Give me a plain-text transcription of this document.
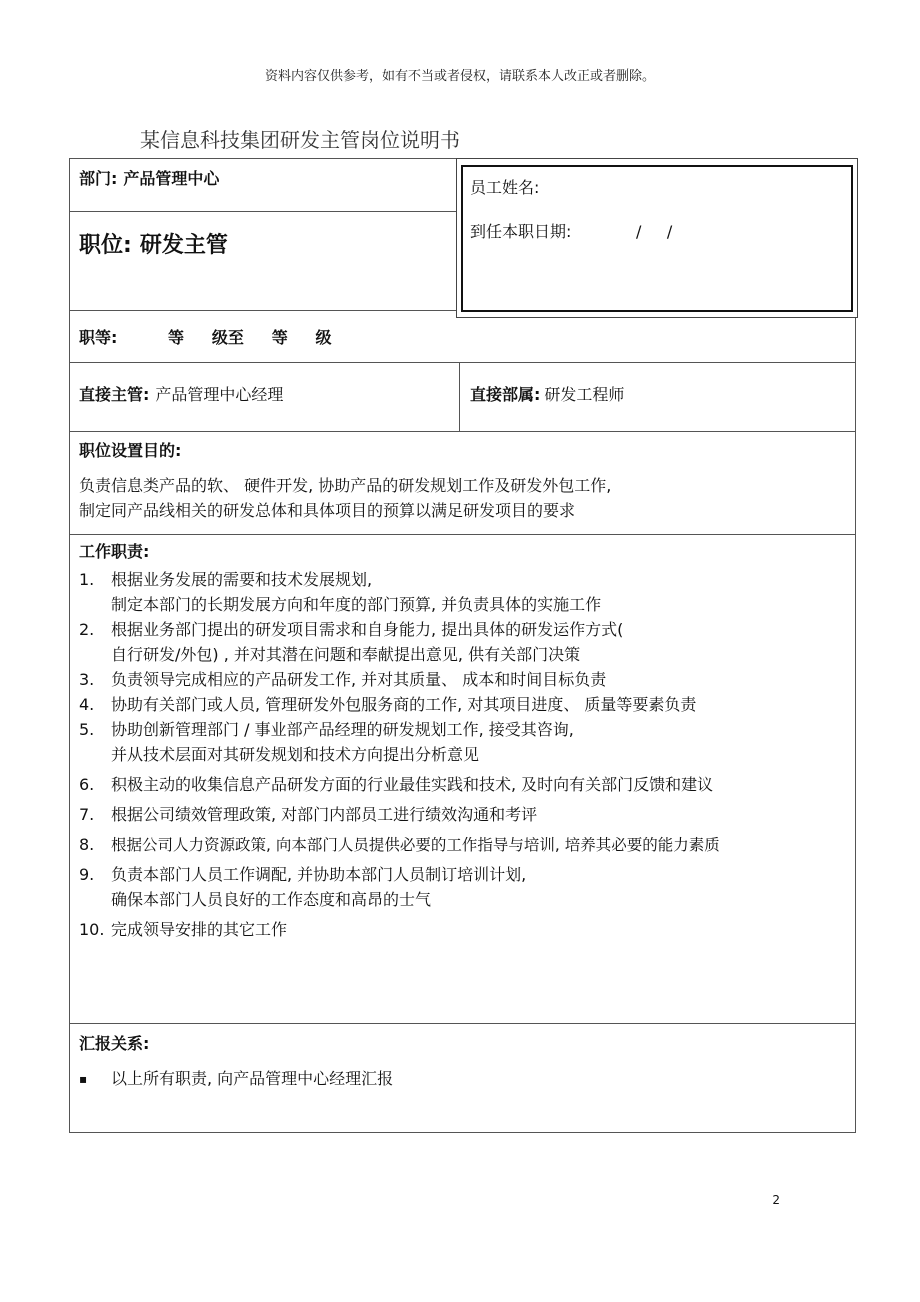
资料内容仅供参考，如有不当或者侵权，请联系本人改正或者删除。
某信息科技集团研发主管岗位说明书
员工姓名:
到任本职日期:	/     /
部门: 产品管理中心
职位: 研发主管
职等:	等     级至     等     级
直接主管: 产品管理中心经理	直接部属: 研发工程师
职位设置目的:
负责信息类产品的软、 硬件开发, 协助产品的研发规划工作及研发外包工作,
制定同产品线相关的研发总体和具体项目的预算以满足研发项目的要求
工作职责:
1. 根据业务发展的需要和技术发展规划,
制定本部门的长期发展方向和年度的部门预算, 并负责具体的实施工作
2. 根据业务部门提出的研发项目需求和自身能力, 提出具体的研发运作方式(
自行研发/外包) , 并对其潜在问题和奉献提出意见, 供有关部门决策
3. 负责领导完成相应的产品研发工作, 并对其质量、 成本和时间目标负责
4. 协助有关部门或人员, 管理研发外包服务商的工作, 对其项目进度、 质量等要素负责
5. 协助创新管理部门 / 事业部产品经理的研发规划工作, 接受其咨询,
并从技术层面对其研发规划和技术方向提出分析意见
6. 积极主动的收集信息产品研发方面的行业最佳实践和技术, 及时向有关部门反馈和建议
7. 根据公司绩效管理政策, 对部门内部员工进行绩效沟通和考评
8. 根据公司人力资源政策, 向本部门人员提供必要的工作指导与培训, 培养其必要的能力素质
9. 负责本部门人员工作调配, 并协助本部门人员制订培训计划,
确保本部门人员良好的工作态度和高昂的士气
10. 完成领导安排的其它工作
汇报关系:
▪ 以上所有职责, 向产品管理中心经理汇报
2
